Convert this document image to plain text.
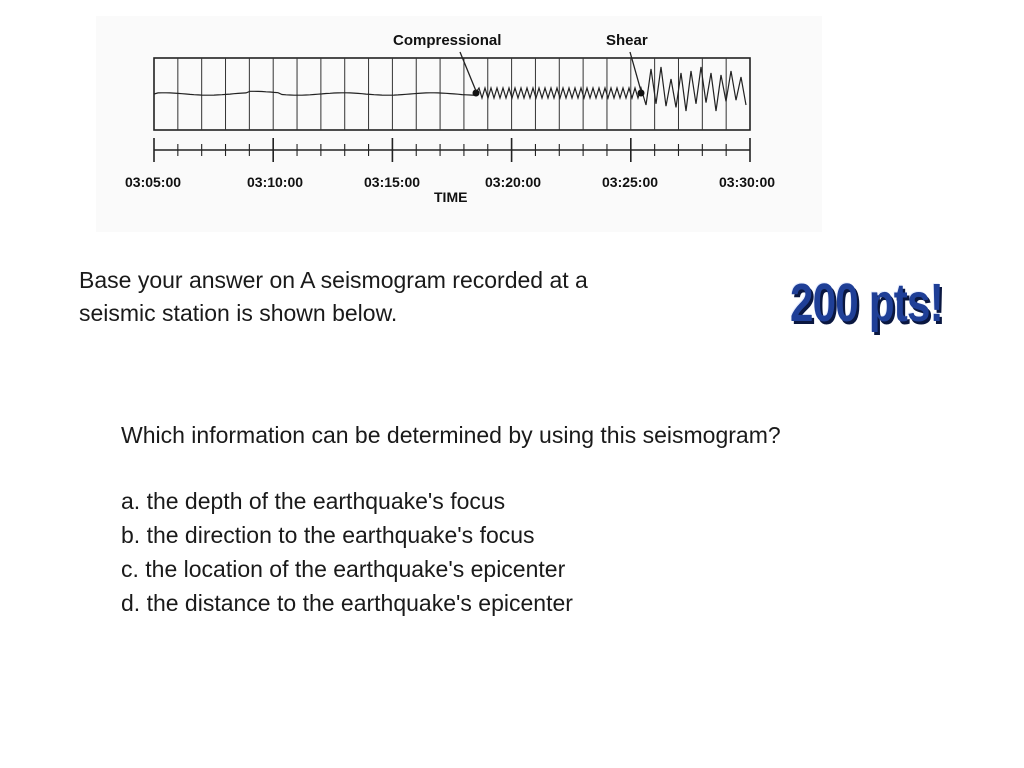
Compressional	Shear
03:05:00	03:10:00	03:15:00	03:20:00	03:25:00	03:30:00
TIME
Base your answer on A seismogram recorded at a
seismic station is shown below.	200 pts!
Which information can be determined by using this seismogram?
a. the depth of the earthquake's focus
b. the direction to the earthquake's focus
c. the location of the earthquake's epicenter
d. the distance to the earthquake's epicenter
